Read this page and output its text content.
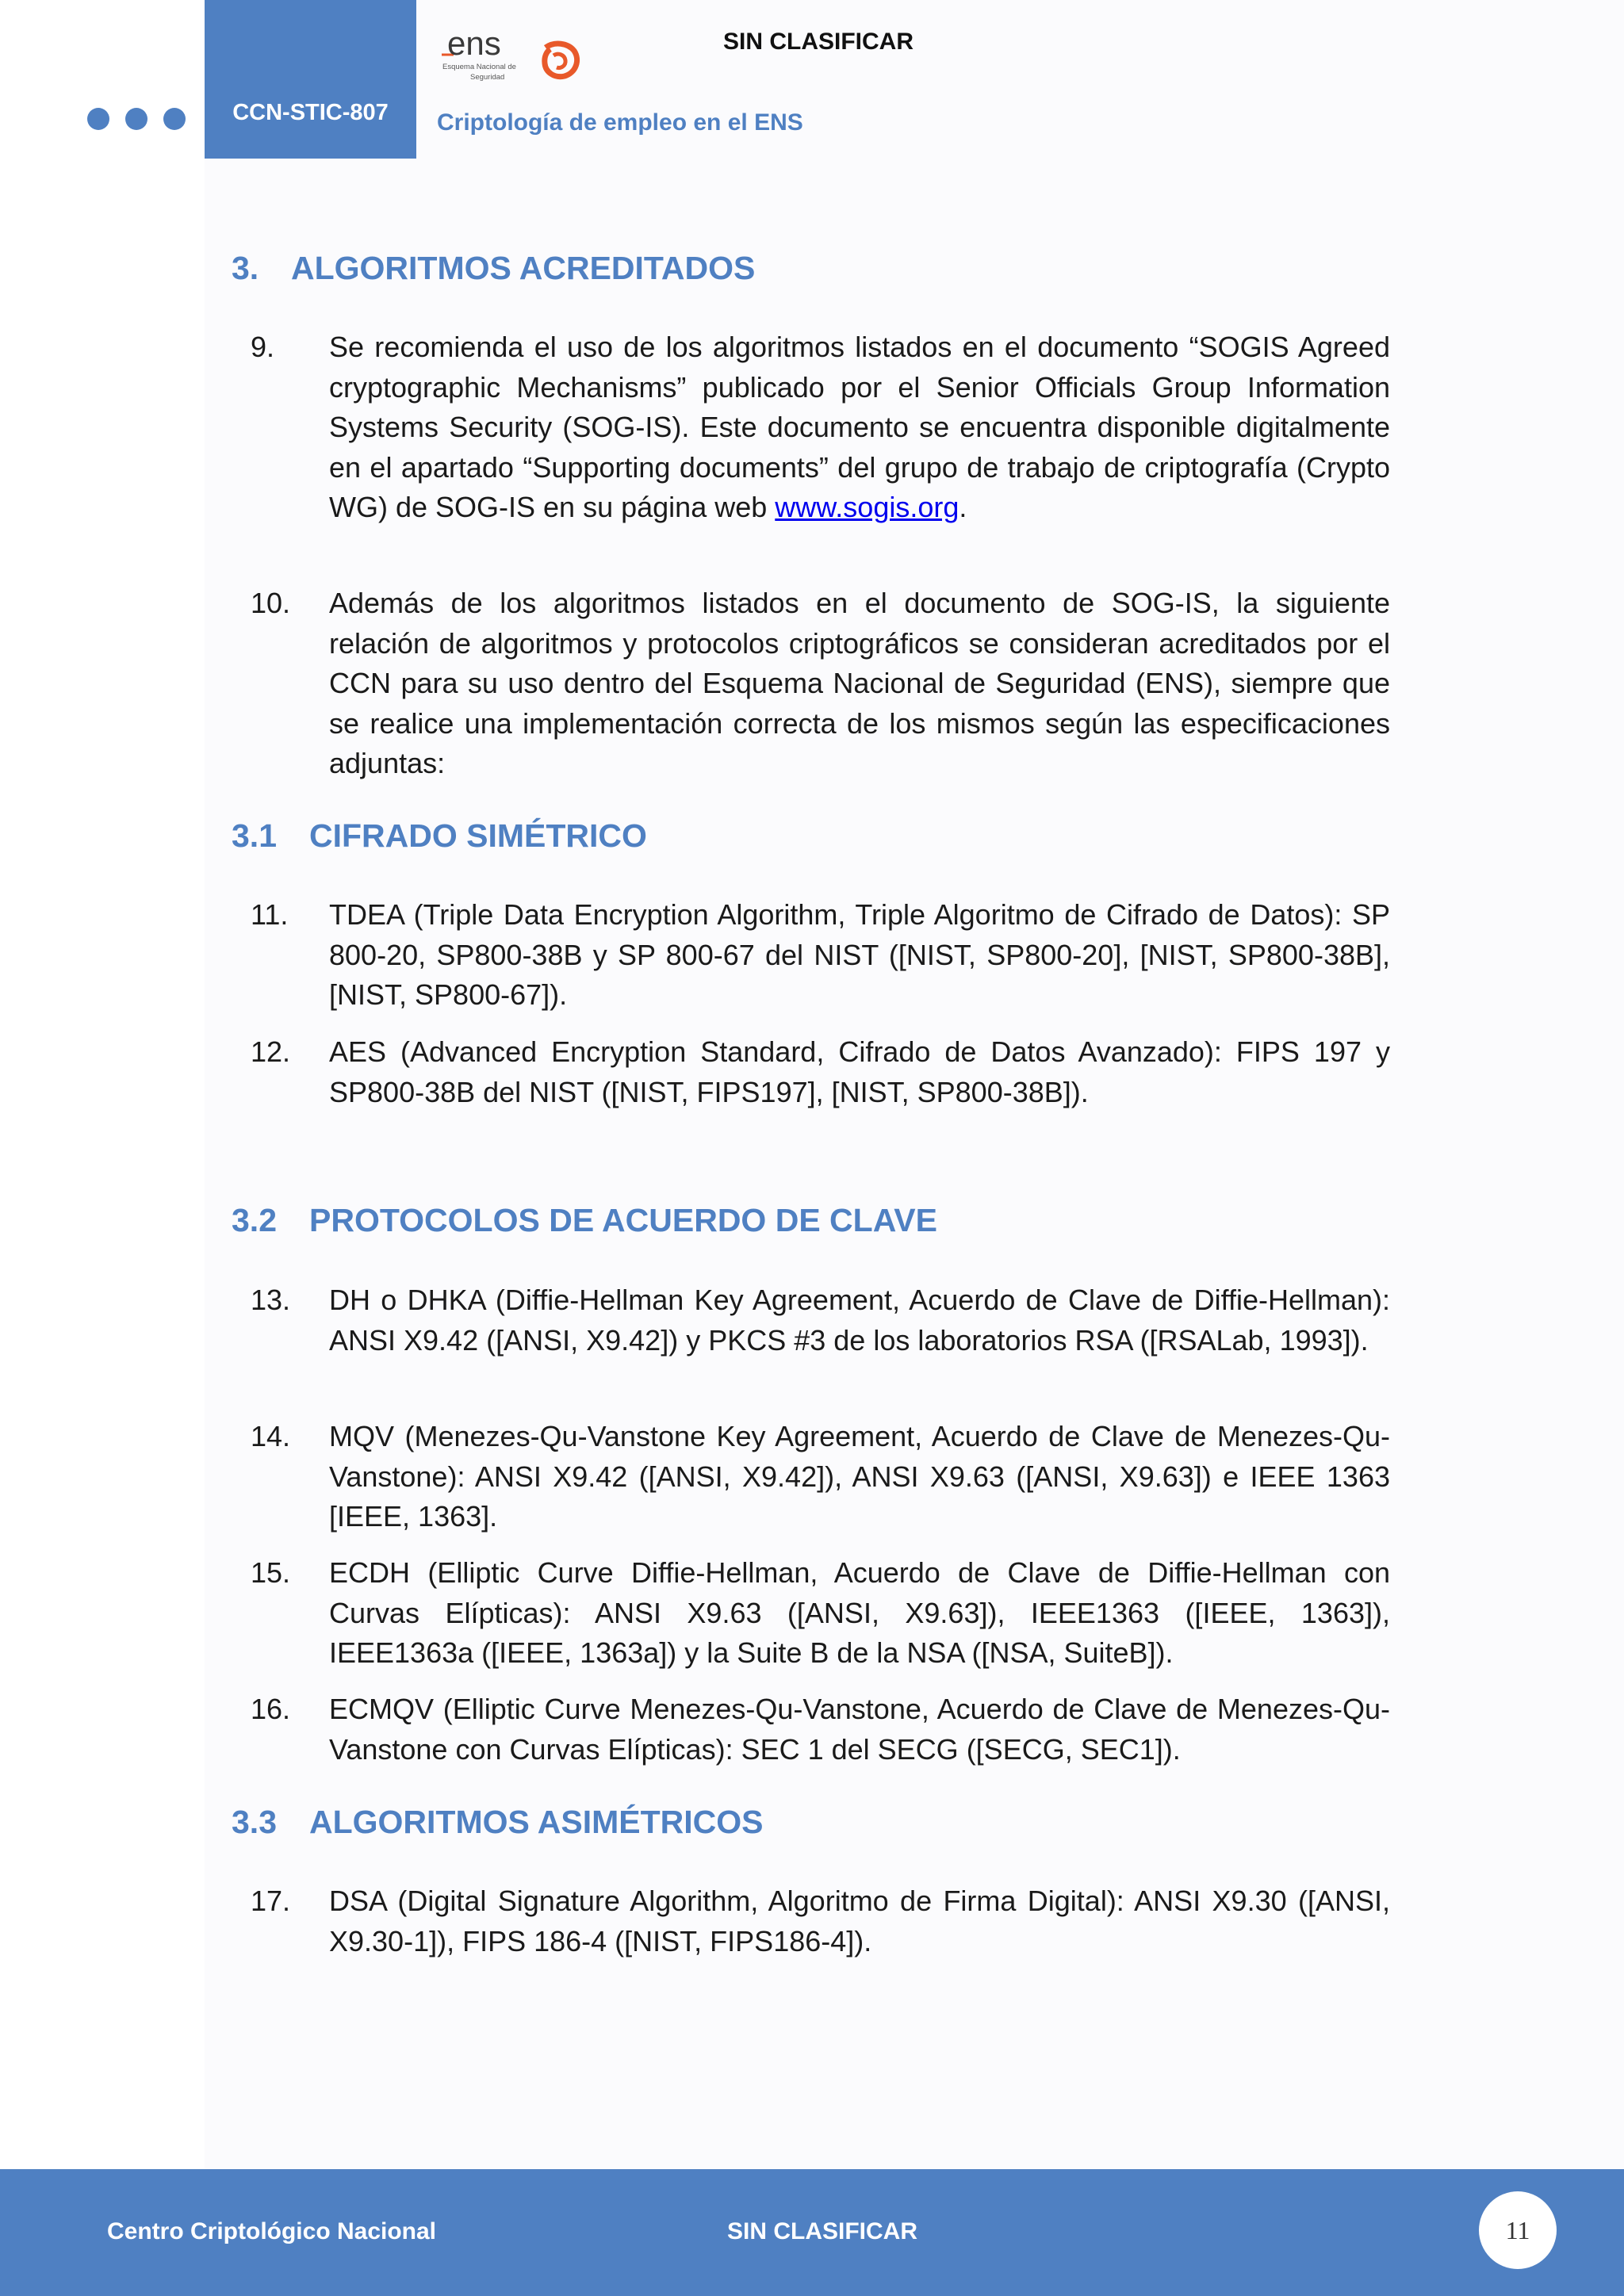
CCN-STIC-807
ens
Esquema Nacional de
Seguridad
SIN CLASIFICAR
Criptología de empleo en el ENS
3. ALGORITMOS ACREDITADOS
9. Se recomienda el uso de los algoritmos listados en el documento “SOGIS Agreed cryptographic Mechanisms” publicado por el Senior Officials Group Information Systems Security (SOG-IS). Este documento se encuentra disponible digitalmente en el apartado “Supporting documents” del grupo de trabajo de criptografía (Crypto WG) de SOG-IS en su página web www.sogis.org.
10. Además de los algoritmos listados en el documento de SOG-IS, la siguiente relación de algoritmos y protocolos criptográficos se consideran acreditados por el CCN para su uso dentro del Esquema Nacional de Seguridad (ENS), siempre que se realice una implementación correcta de los mismos según las especificaciones adjuntas:
3.1 CIFRADO SIMÉTRICO
11. TDEA (Triple Data Encryption Algorithm, Triple Algoritmo de Cifrado de Datos): SP 800-20, SP800-38B y SP 800-67 del NIST ([NIST, SP800-20], [NIST, SP800-38B], [NIST, SP800-67]).
12. AES (Advanced Encryption Standard, Cifrado de Datos Avanzado): FIPS 197 y SP800-38B del NIST ([NIST, FIPS197], [NIST, SP800-38B]).
3.2 PROTOCOLOS DE ACUERDO DE CLAVE
13. DH o DHKA (Diffie-Hellman Key Agreement, Acuerdo de Clave de Diffie-Hellman): ANSI X9.42 ([ANSI, X9.42]) y PKCS #3 de los laboratorios RSA ([RSALab, 1993]).
14. MQV (Menezes-Qu-Vanstone Key Agreement, Acuerdo de Clave de Menezes-Qu-Vanstone): ANSI X9.42 ([ANSI, X9.42]), ANSI X9.63 ([ANSI, X9.63]) e IEEE 1363 [IEEE, 1363].
15. ECDH (Elliptic Curve Diffie-Hellman, Acuerdo de Clave de Diffie-Hellman con Curvas Elípticas): ANSI X9.63 ([ANSI, X9.63]), IEEE1363 ([IEEE, 1363]), IEEE1363a ([IEEE, 1363a]) y la Suite B de la NSA ([NSA, SuiteB]).
16. ECMQV (Elliptic Curve Menezes-Qu-Vanstone, Acuerdo de Clave de Menezes-Qu-Vanstone con Curvas Elípticas): SEC 1 del SECG ([SECG, SEC1]).
3.3 ALGORITMOS ASIMÉTRICOS
17. DSA (Digital Signature Algorithm, Algoritmo de Firma Digital): ANSI X9.30 ([ANSI, X9.30-1]), FIPS 186-4 ([NIST, FIPS186-4]).
Centro Criptológico Nacional	SIN CLASIFICAR	11
